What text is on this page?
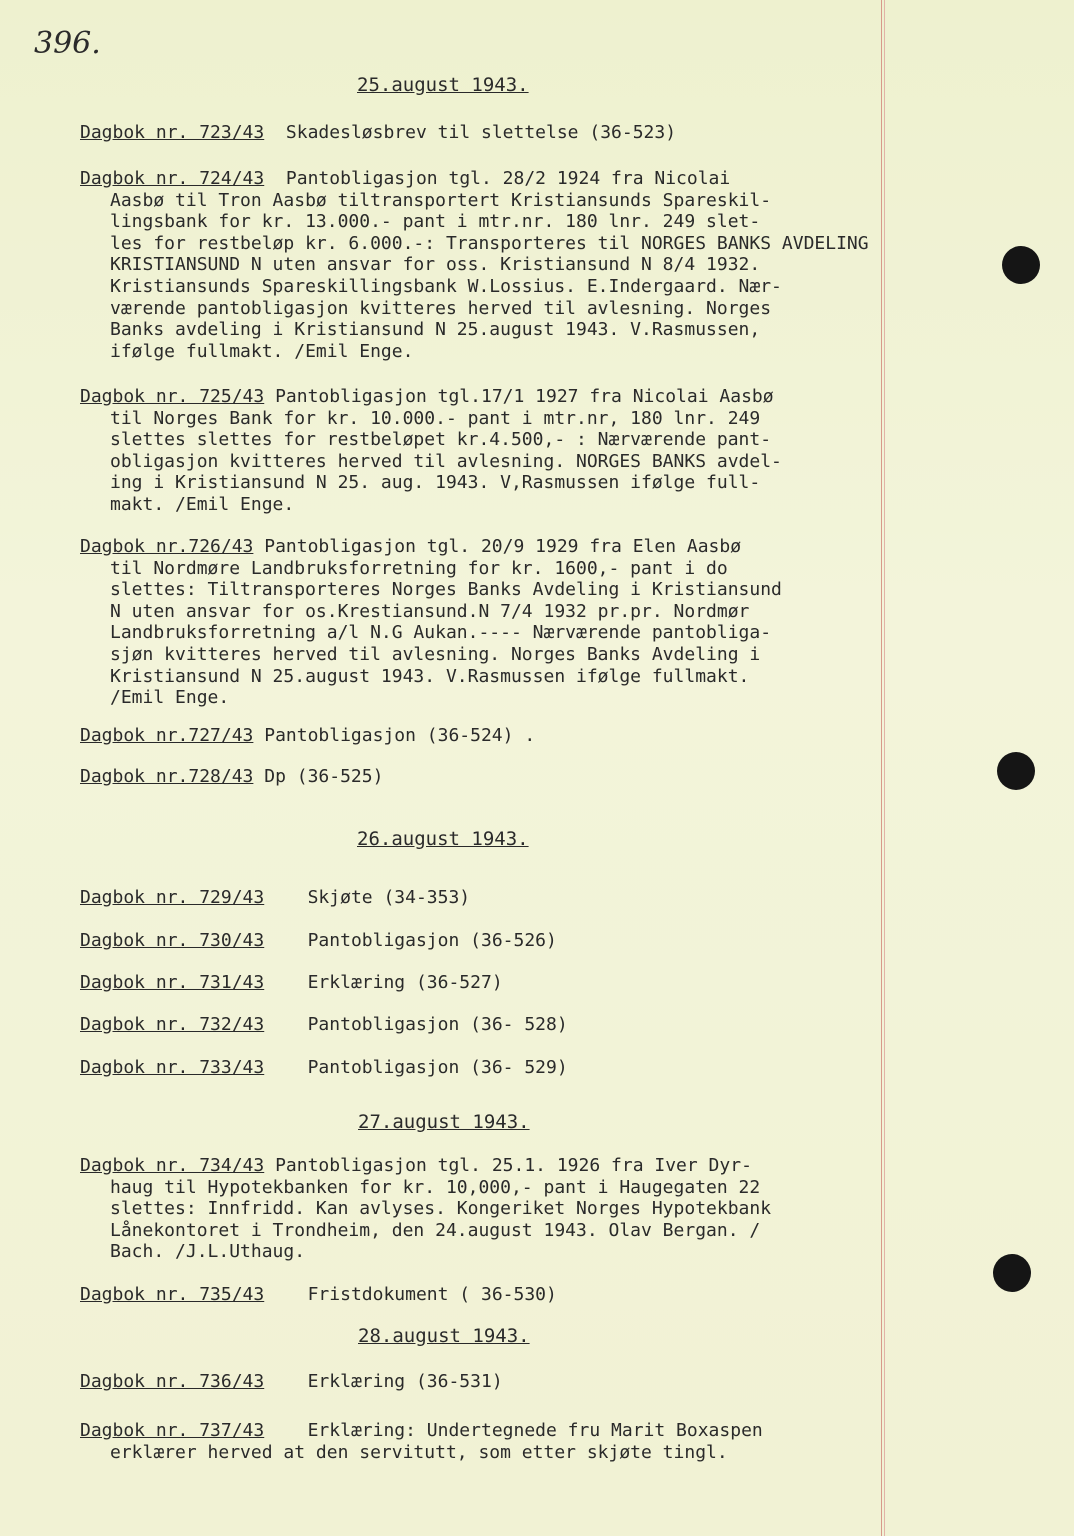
396.
25.august 1943.
26.august 1943.
27.august 1943.
28.august 1943.
Dagbok nr. 723/43 Skadesløsbrev til slettelse (36-523)
Dagbok nr. 724/43 Pantobligasjon tgl. 28/2 1924 fra Nicolai
Aasbø til Tron Aasbø tiltransportert Kristiansunds Spareskil-
lingsbank for kr. 13.000.- pant i mtr.nr. 180 lnr. 249 slet-
les for restbeløp kr. 6.000.-: Transporteres til NORGES BANKS AVDELING
KRISTIANSUND N uten ansvar for oss. Kristiansund N 8/4 1932.
Kristiansunds Spareskillingsbank W.Lossius. E.Indergaard. Nær-
værende pantobligasjon kvitteres herved til avlesning. Norges
Banks avdeling i Kristiansund N 25.august 1943. V.Rasmussen,
ifølge fullmakt. /Emil Enge.
Dagbok nr. 725/43 Pantobligasjon tgl.17/1 1927 fra Nicolai Aasbø
til Norges Bank for kr. 10.000.- pant i mtr.nr, 180 lnr. 249
slettes slettes for restbeløpet kr.4.500,- : Nærværende pant-
obligasjon kvitteres herved til avlesning. NORGES BANKS avdel-
ing i Kristiansund N 25. aug. 1943. V,Rasmussen ifølge full-
makt. /Emil Enge.
Dagbok nr.726/43 Pantobligasjon tgl. 20/9 1929 fra Elen Aasbø
til Nordmøre Landbruksforretning for kr. 1600,- pant i do
slettes: Tiltransporteres Norges Banks Avdeling i Kristiansund
N uten ansvar for os.Krestiansund.N 7/4 1932 pr.pr. Nordmør
Landbruksforretning a/l N.G Aukan.---- Nærværende pantobliga-
sjøn kvitteres herved til avlesning. Norges Banks Avdeling i
Kristiansund N 25.august 1943. V.Rasmussen ifølge fullmakt.
/Emil Enge.
Dagbok nr.727/43 Pantobligasjon (36-524) .
Dagbok nr.728/43 Dp (36-525)
Dagbok nr. 729/43 Skjøte (34-353)
Dagbok nr. 730/43 Pantobligasjon (36-526)
Dagbok nr. 731/43 Erklæring (36-527)
Dagbok nr. 732/43 Pantobligasjon (36- 528)
Dagbok nr. 733/43 Pantobligasjon (36- 529)
Dagbok nr. 734/43 Pantobligasjon tgl. 25.1. 1926 fra Iver Dyr-
haug til Hypotekbanken for kr. 10,000,- pant i Haugegaten 22
slettes: Innfridd. Kan avlyses. Kongeriket Norges Hypotekbank
Lånekontoret i Trondheim, den 24.august 1943. Olav Bergan. /
Bach. /J.L.Uthaug.
Dagbok nr. 735/43 Fristdokument ( 36-530)
Dagbok nr. 736/43 Erklæring (36-531)
Dagbok nr. 737/43 Erklæring: Undertegnede fru Marit Boxaspen
erklærer herved at den servitutt, som etter skjøte tingl.
